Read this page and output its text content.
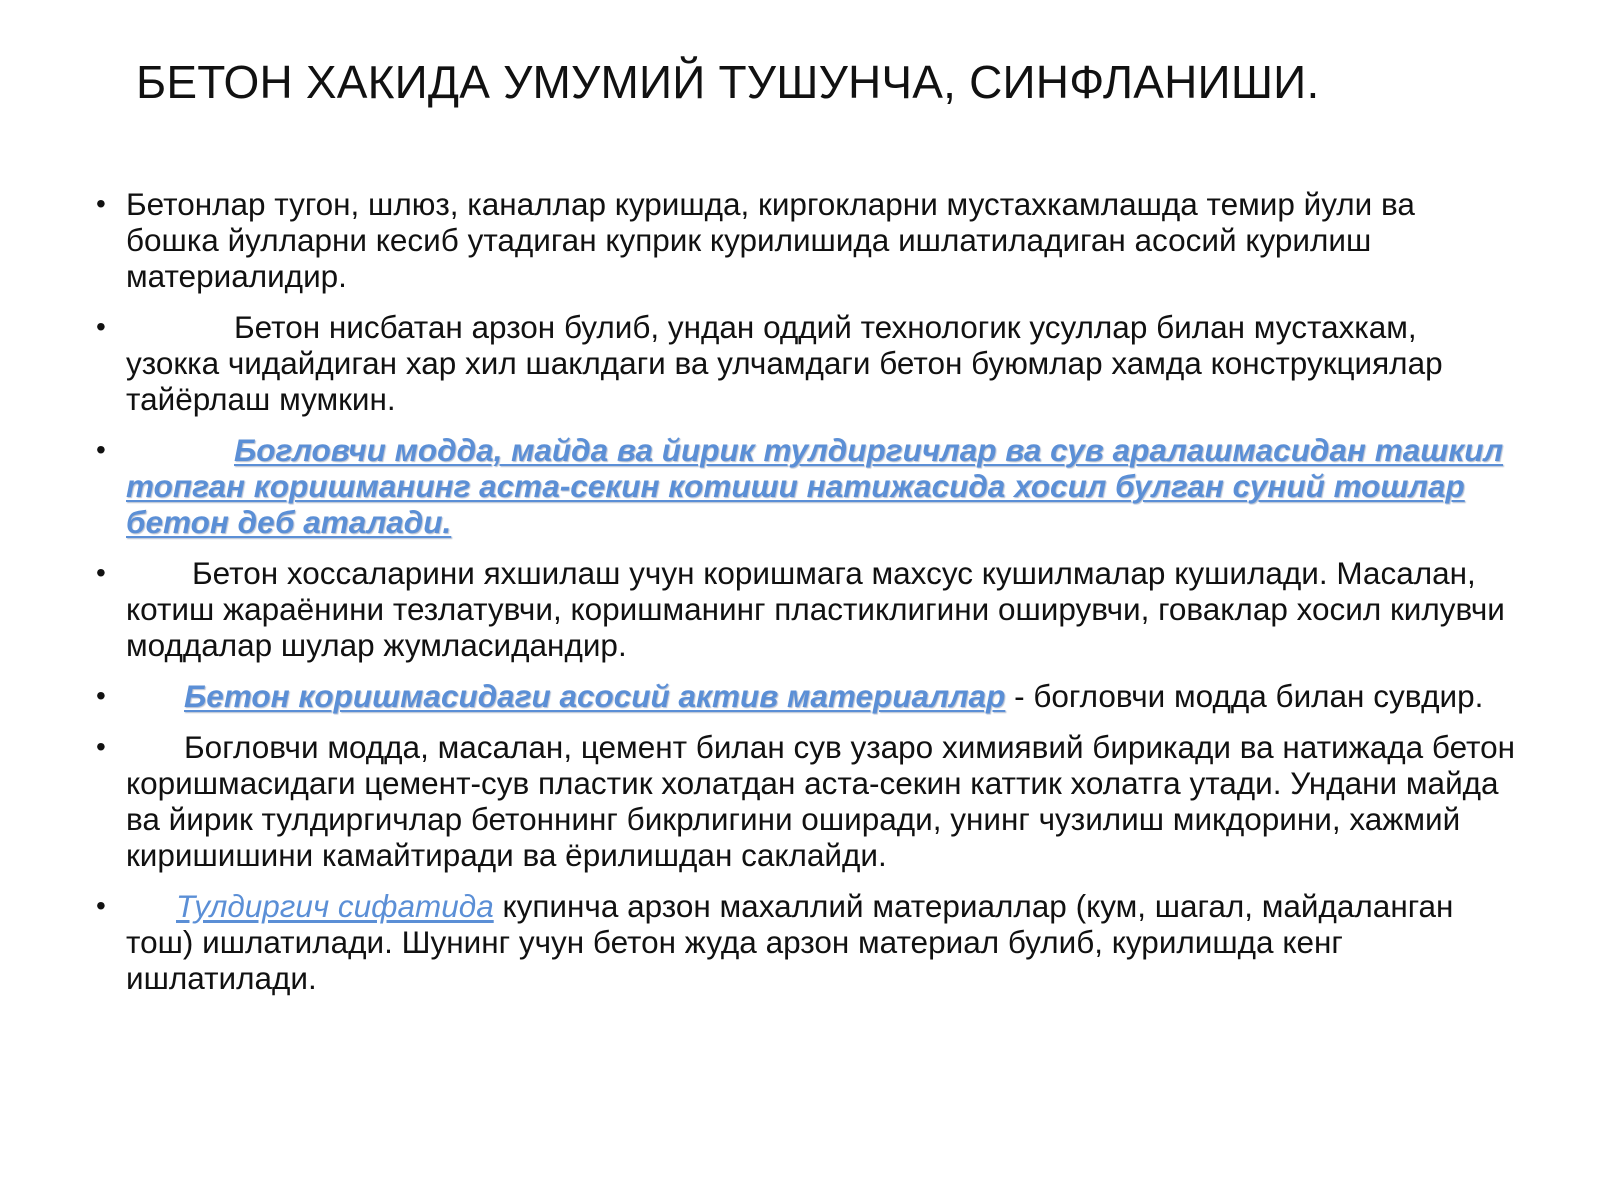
БЕТОН ХАКИДА УМУМИЙ ТУШУНЧА, СИНФЛАНИШИ.
• Бетонлар тугон, шлюз, каналлар куришда, киргокларни мустахкамлашда темир йули ва бошка йулларни кесиб утадиган куприк курилишида ишлатиладиган асосий курилиш материалидир.
•	Бетон нисбатан арзон булиб, ундан оддий технологик усуллар билан мустахкам, узокка чидайдиган хар хил шаклдаги ва улчамдаги бетон буюмлар хамда конструкциялар тайёрлаш мумкин.
•	Богловчи модда, майда ва йирик тулдиргичлар ва сув аралашмасидан ташкил топган коришманинг аста-секин котиши натижасида хосил булган суний тошлар бетон деб аталади.
•	Бетон хоссаларини яхшилаш учун коришмага махсус кушилмалар кушилади. Масалан, котиш жараёнини тезлатувчи, коришманинг пластиклигини оширувчи, говаклар хосил килувчи моддалар шулар жумласидандир.
• Бетон коришмасидаги асосий актив материаллар - богловчи модда билан сувдир.
• Богловчи модда, масалан, цемент билан сув узаро химиявий бирикади ва натижада бетон коришмасидаги цемент-сув пластик холатдан аста-секин каттик холатга утади. Ундани майда ва йирик тулдиргичлар бетоннинг бикрлигини оширади, унинг чузилиш микдорини, хажмий киришишини камайтиради ва ёрилишдан саклайди.
• Тулдиргич сифатида купинча арзон махаллий материаллар (кум, шагал, майдаланган тош) ишлатилади. Шунинг учун бетон жуда арзон материал булиб, курилишда кенг ишлатилади.
